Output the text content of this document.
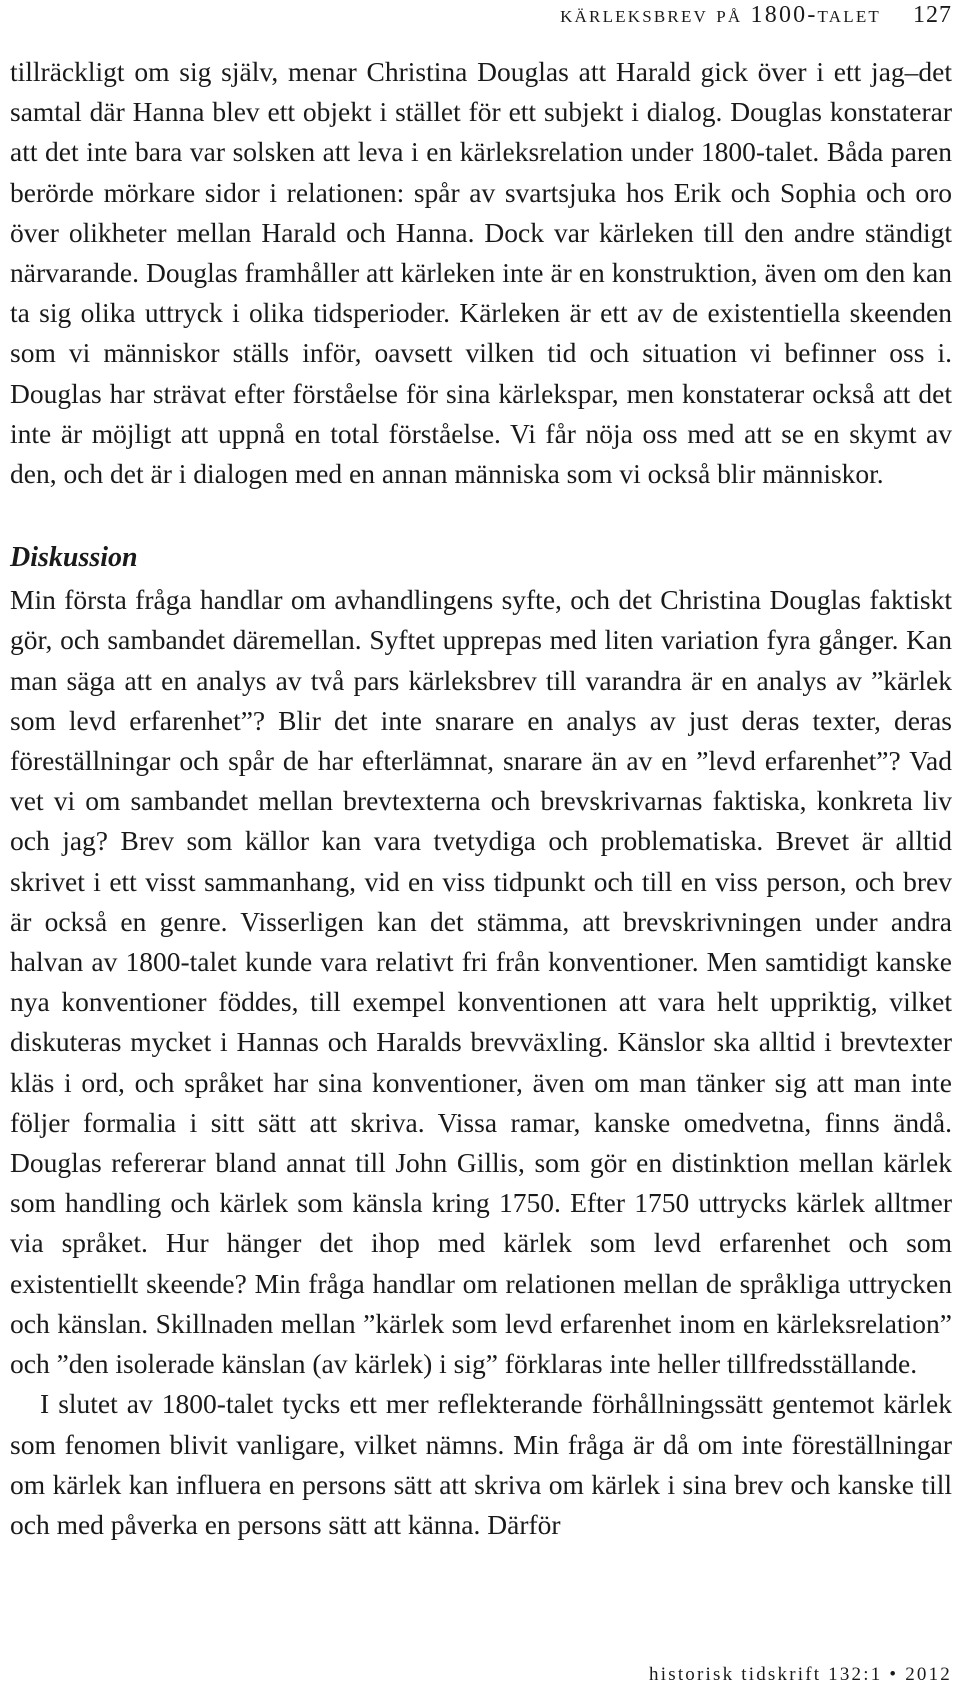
kärleksbrev på 1800-talet 127

tillräckligt om sig själv, menar Christina Douglas att Harald gick över i ett jag–det samtal där Hanna blev ett objekt i stället för ett subjekt i dialog. Douglas konstaterar att det inte bara var solsken att leva i en kärleksrelation under 1800-talet. Båda paren berörde mörkare sidor i relationen: spår av svartsjuka hos Erik och Sophia och oro över olikheter mellan Harald och Hanna. Dock var kärleken till den andre ständigt närvarande. Douglas framhåller att kärleken inte är en konstruktion, även om den kan ta sig olika uttryck i olika tidsperioder. Kärleken är ett av de existentiella skeenden som vi människor ställs inför, oavsett vilken tid och situation vi befinner oss i. Douglas har strävat efter förståelse för sina kärlekspar, men konstaterar också att det inte är möjligt att uppnå en total förståelse. Vi får nöja oss med att se en skymt av den, och det är i dialogen med en annan människa som vi också blir människor.

Diskussion

Min första fråga handlar om avhandlingens syfte, och det Christina Douglas faktiskt gör, och sambandet däremellan. Syftet upprepas med liten variation fyra gånger. Kan man säga att en analys av två pars kärleksbrev till varandra är en analys av ”kärlek som levd erfarenhet”? Blir det inte snarare en analys av just deras texter, deras föreställningar och spår de har efterlämnat, snarare än av en ”levd erfarenhet”? Vad vet vi om sambandet mellan brevtexterna och brevskrivarnas faktiska, konkreta liv och jag? Brev som källor kan vara tvetydiga och problematiska. Brevet är alltid skrivet i ett visst sammanhang, vid en viss tidpunkt och till en viss person, och brev är också en genre. Visserligen kan det stämma, att brevskrivningen under andra halvan av 1800-talet kunde vara relativt fri från konventioner. Men samtidigt kanske nya konventioner föddes, till exempel konventionen att vara helt uppriktig, vilket diskuteras mycket i Hannas och Haralds brevväxling. Känslor ska alltid i brevtexter kläs i ord, och språket har sina konventioner, även om man tänker sig att man inte följer formalia i sitt sätt att skriva. Vissa ramar, kanske omedvetna, finns ändå. Douglas refererar bland annat till John Gillis, som gör en distinktion mellan kärlek som handling och kärlek som känsla kring 1750. Efter 1750 uttrycks kärlek alltmer via språket. Hur hänger det ihop med kärlek som levd erfarenhet och som existentiellt skeende? Min fråga handlar om relationen mellan de språkliga uttrycken och känslan. Skillnaden mellan ”kärlek som levd erfarenhet inom en kärleksrelation” och ”den isolerade känslan (av kärlek) i sig” förklaras inte heller tillfredsställande.

I slutet av 1800-talet tycks ett mer reflekterande förhållningssätt gentemot kärlek som fenomen blivit vanligare, vilket nämns. Min fråga är då om inte föreställningar om kärlek kan influera en persons sätt att skriva om kärlek i sina brev och kanske till och med påverka en persons sätt att känna. Därför

historisk tidskrift 132:1 • 2012
